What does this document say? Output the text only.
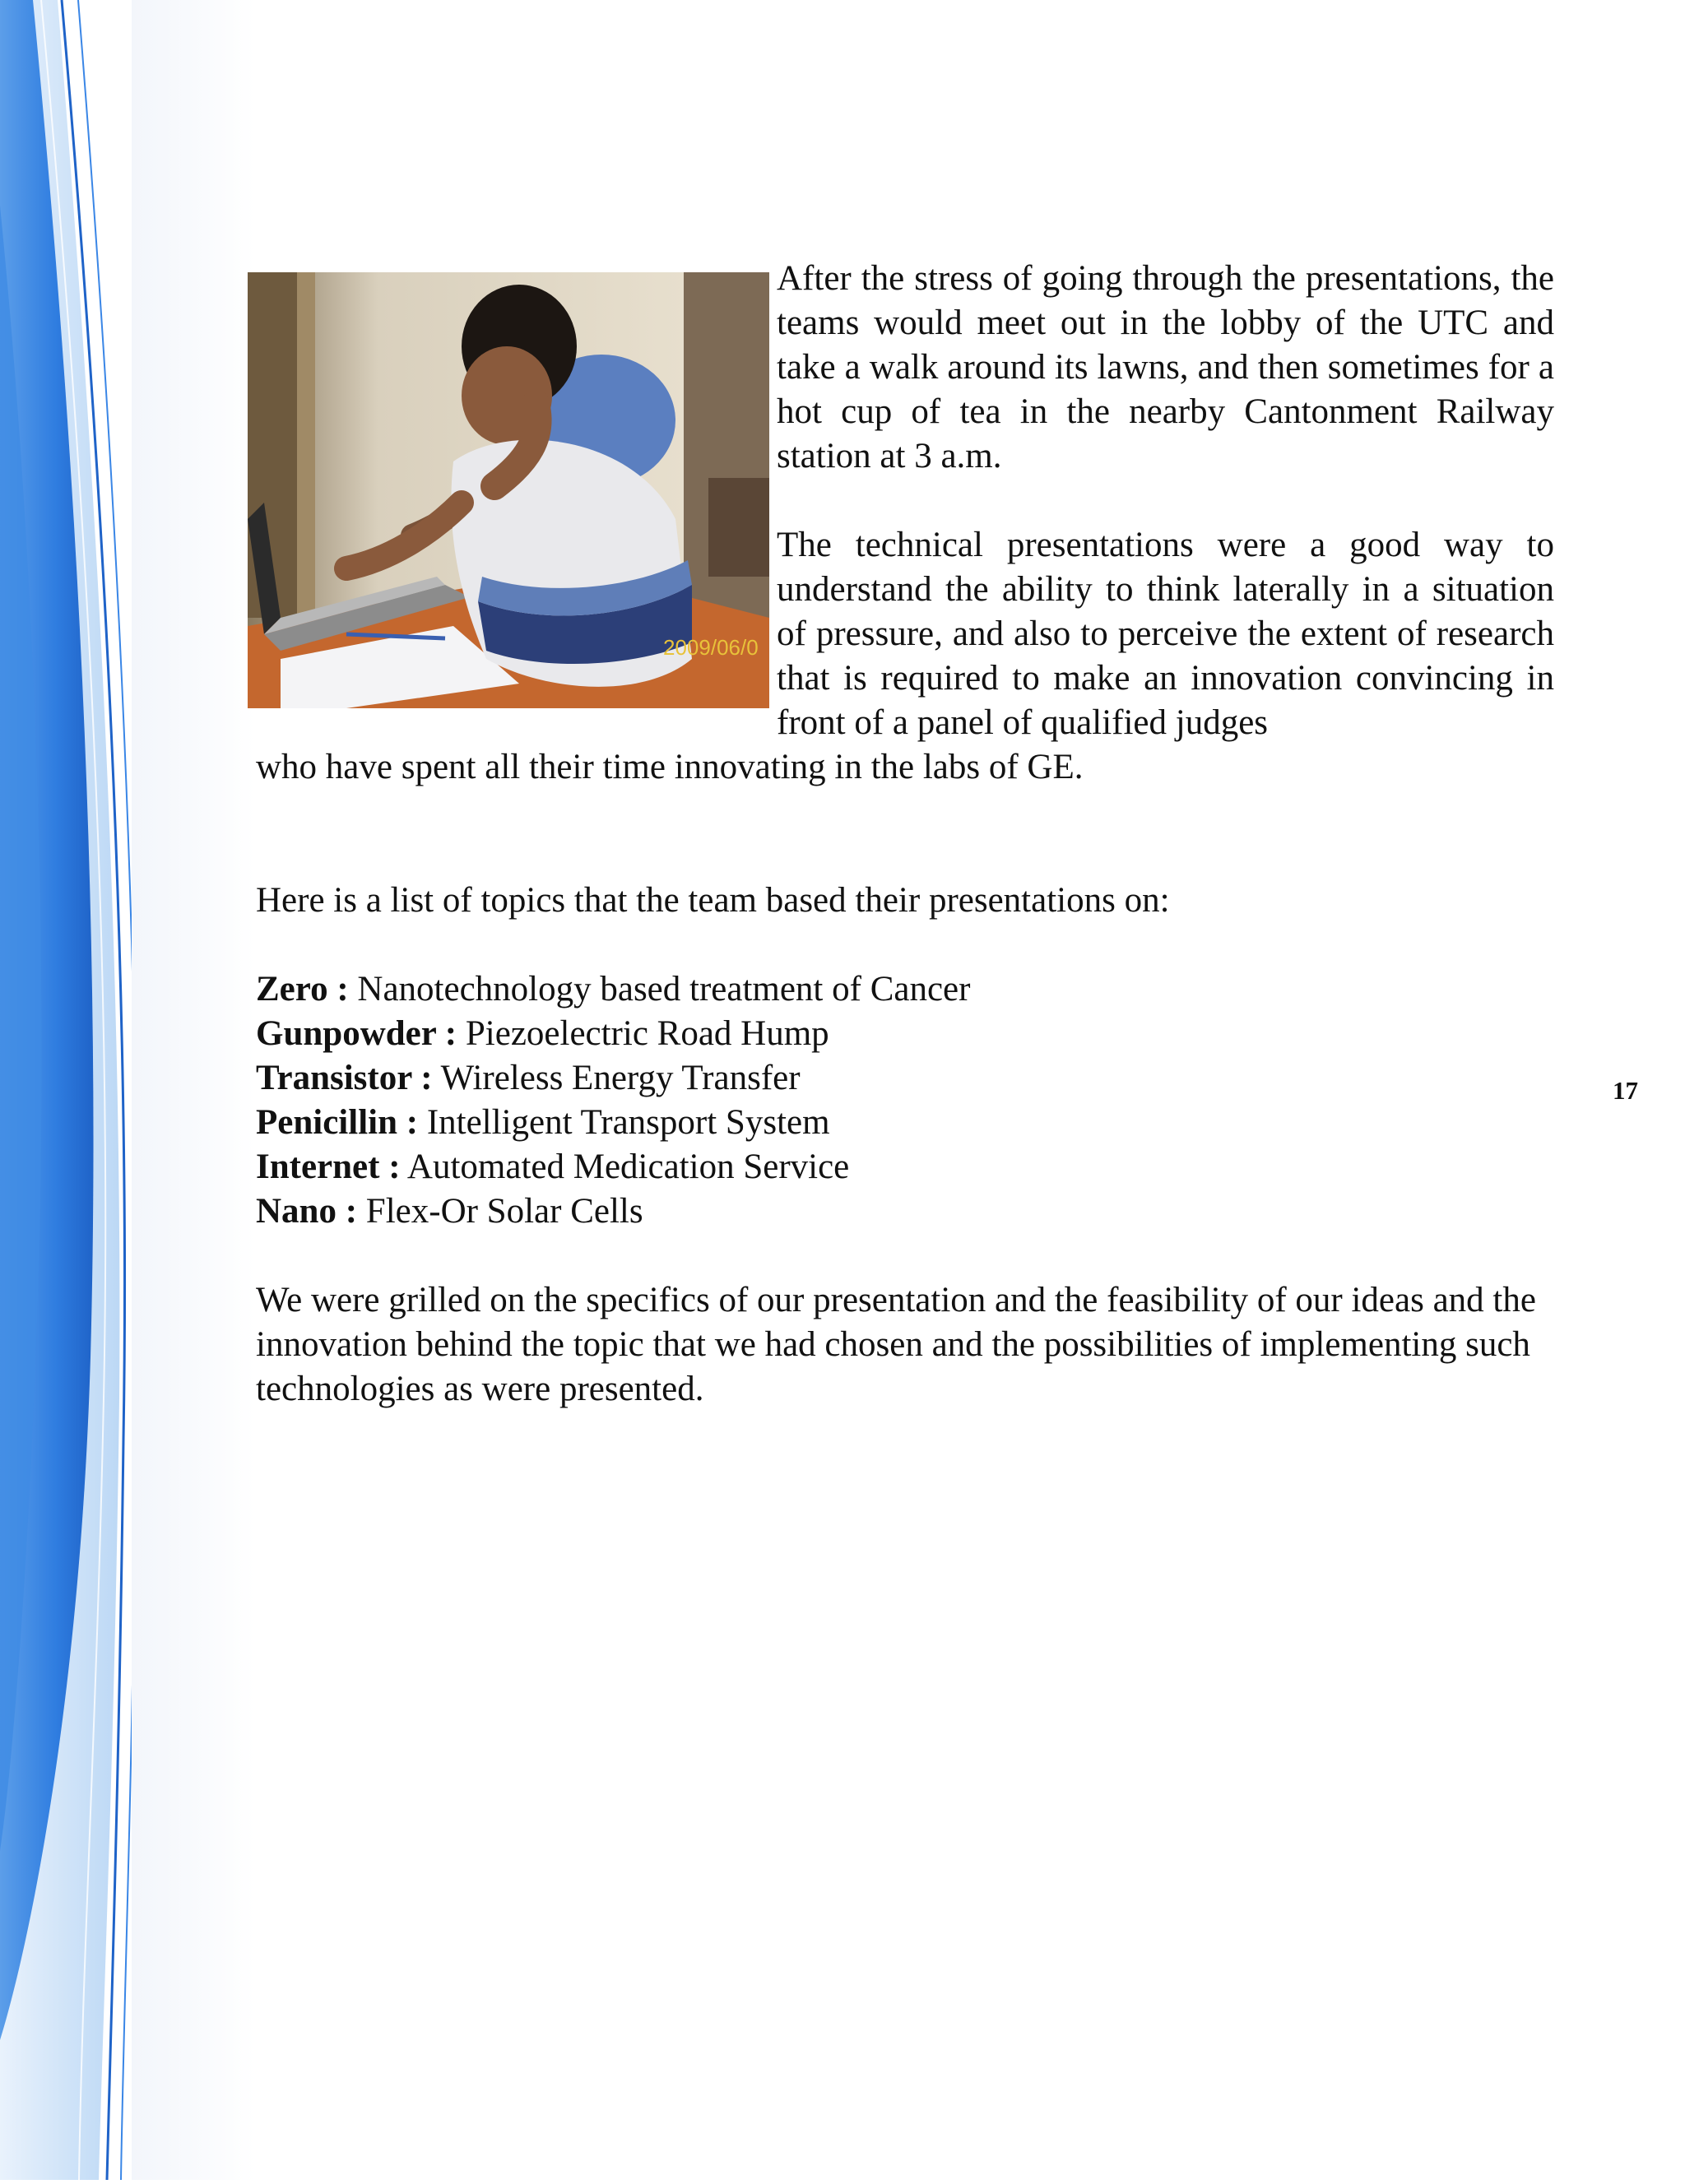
2009/06/0

After the stress of going through the presentations, the teams would meet out in the lobby of the UTC and take a walk around its lawns, and then sometimes for a hot cup of tea in the nearby Cantonment Railway station at 3 a.m.

The technical presentations were a good way to understand the ability to think laterally in a situation of pressure, and also to perceive the extent of research that is required to make an innovation convincing in front of a panel of qualified judges

who have spent all their time innovating in the labs of GE.

Here is a list of topics that the team based their presentations on:

Zero : Nanotechnology based treatment of Cancer
Gunpowder : Piezoelectric Road Hump
Transistor : Wireless Energy Transfer
Penicillin : Intelligent Transport System
Internet : Automated Medication Service
Nano : Flex-Or Solar Cells

We were grilled on the specifics of our presentation and the feasibility of our ideas and the innovation behind the topic that we had chosen and the possibilities of implementing such technologies as were presented.

17
